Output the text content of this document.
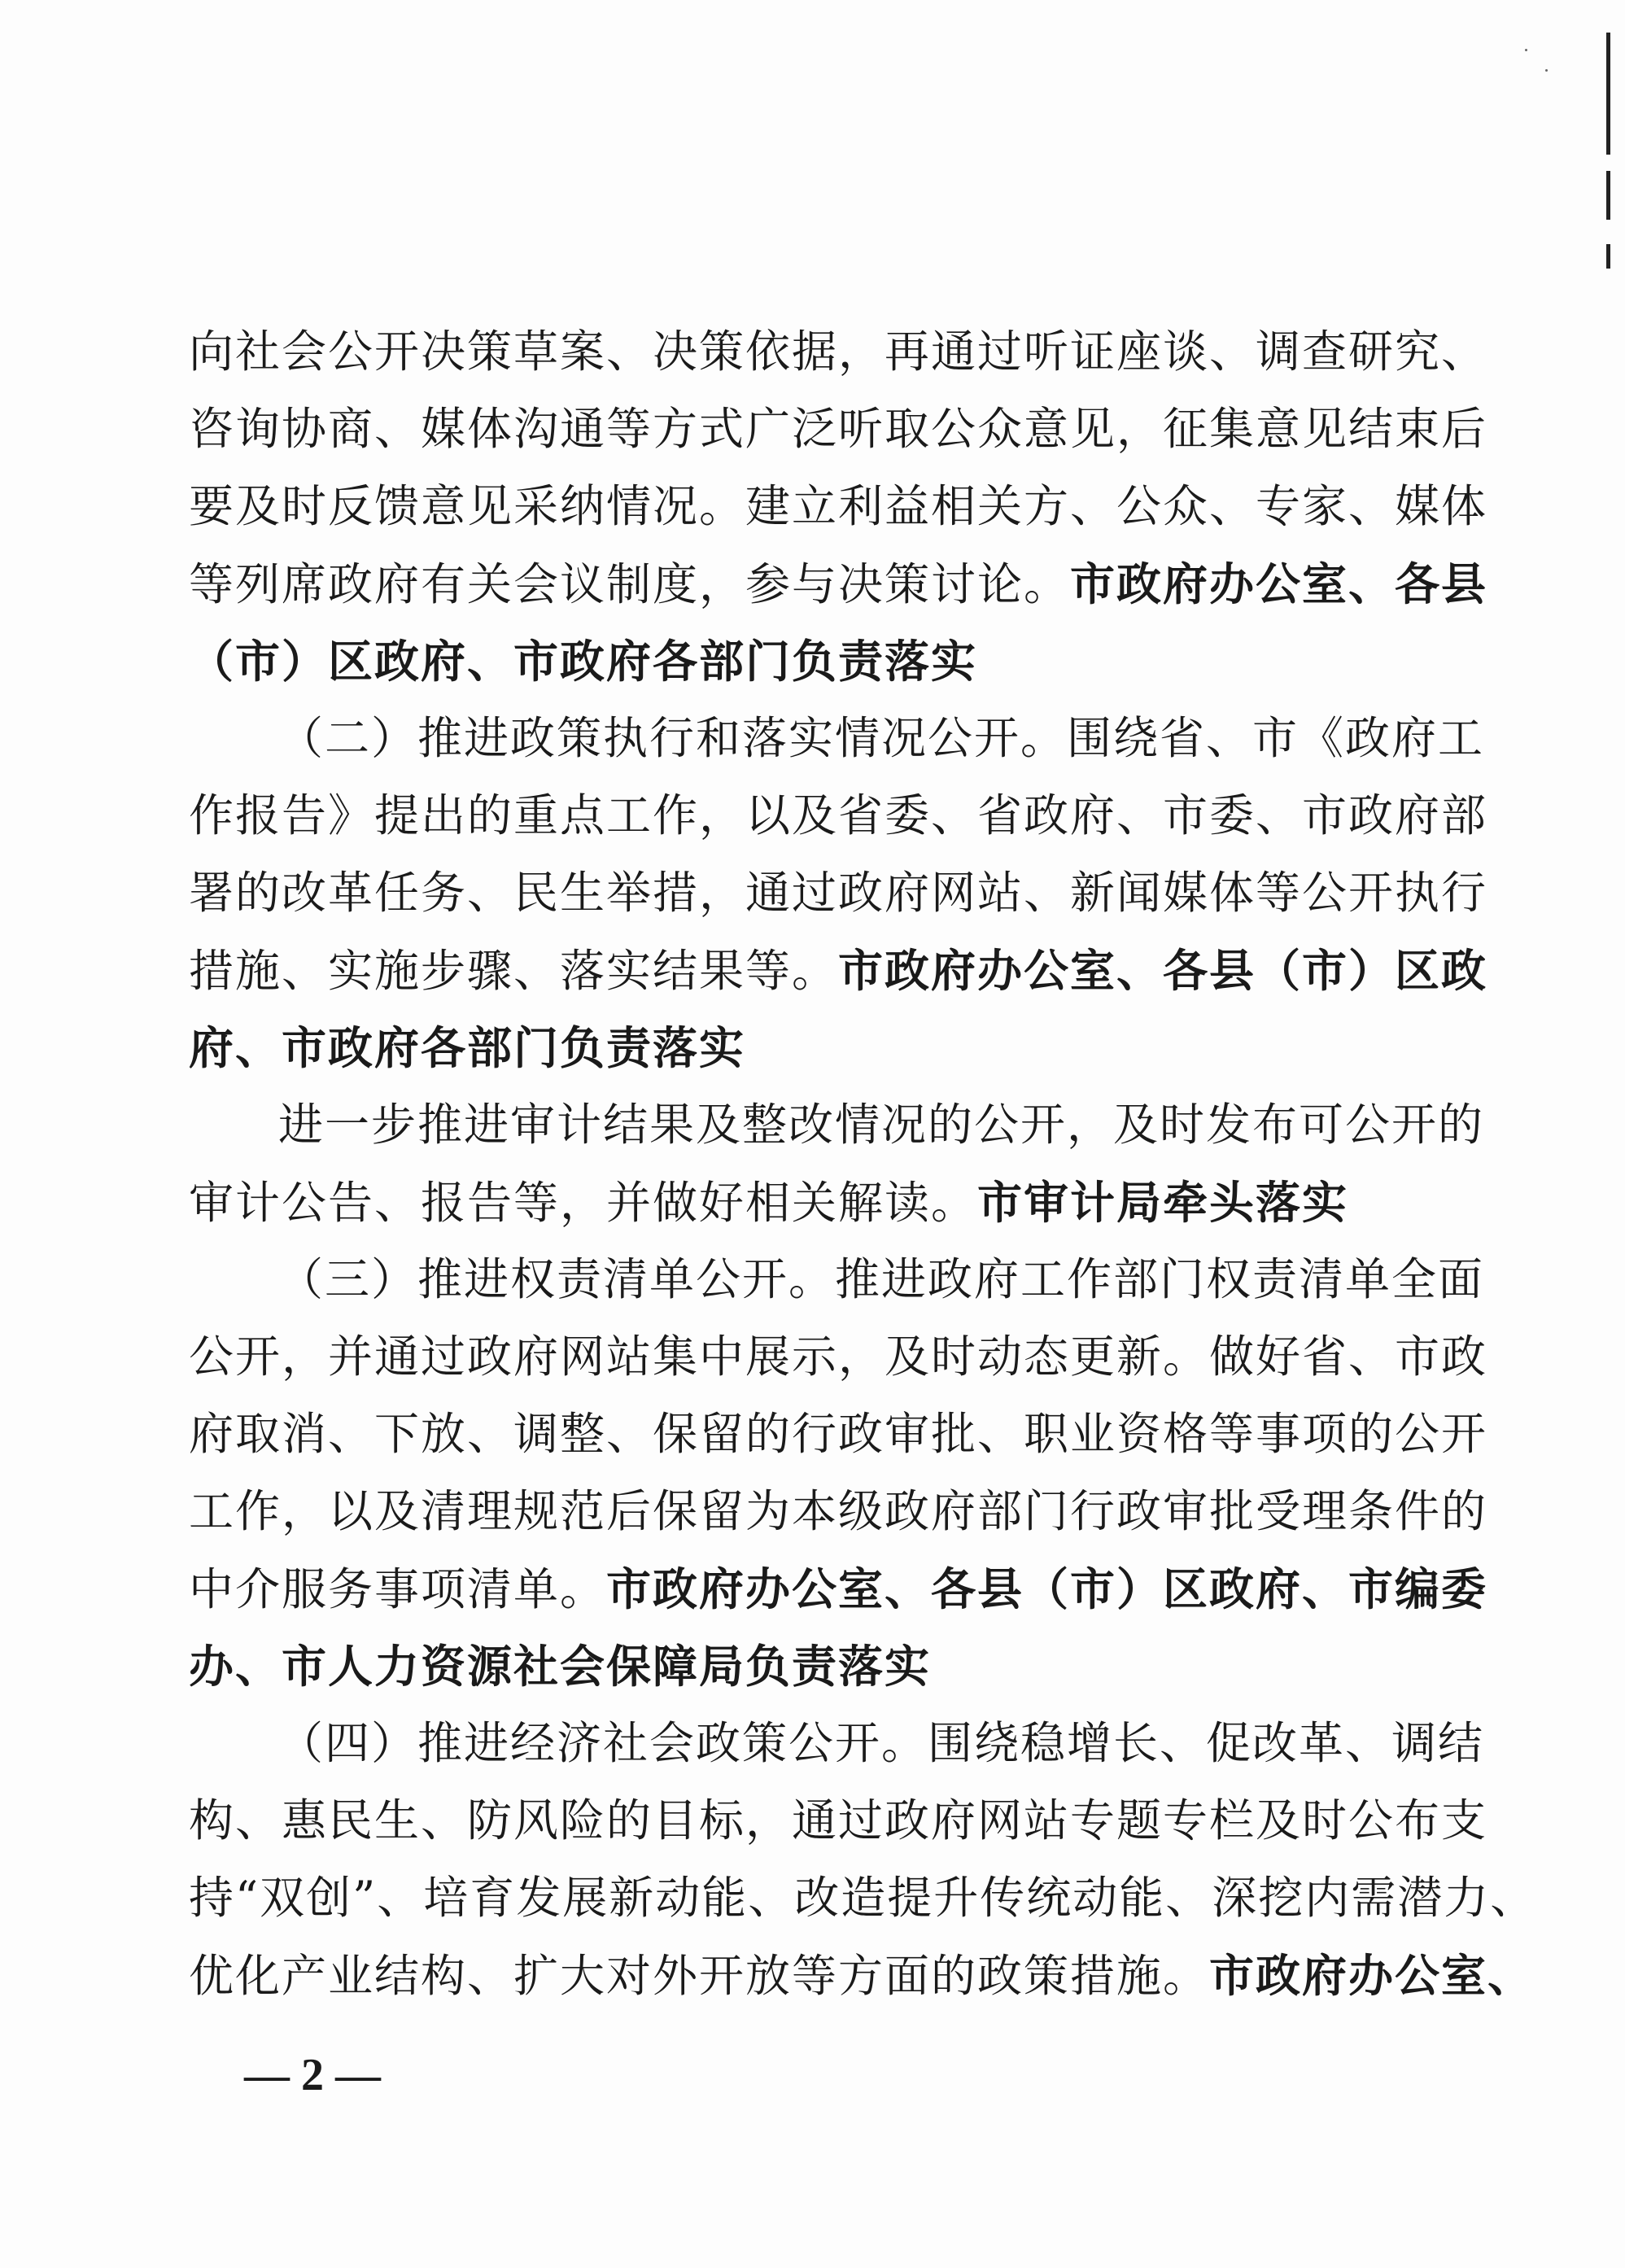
向社会公开决策草案、决策依据，再通过听证座谈、调查研究、
咨询协商、媒体沟通等方式广泛听取公众意见，征集意见结束后
要及时反馈意见采纳情况。建立利益相关方、公众、专家、媒体
等列席政府有关会议制度，参与决策讨论。市政府办公室、各县
（市）区政府、市政府各部门负责落实
（二）推进政策执行和落实情况公开。围绕省、市《政府工
作报告》提出的重点工作，以及省委、省政府、市委、市政府部
署的改革任务、民生举措，通过政府网站、新闻媒体等公开执行
措施、实施步骤、落实结果等。市政府办公室、各县（市）区政
府、市政府各部门负责落实
进一步推进审计结果及整改情况的公开，及时发布可公开的
审计公告、报告等，并做好相关解读。市审计局牵头落实
（三）推进权责清单公开。推进政府工作部门权责清单全面
公开，并通过政府网站集中展示，及时动态更新。做好省、市政
府取消、下放、调整、保留的行政审批、职业资格等事项的公开
工作，以及清理规范后保留为本级政府部门行政审批受理条件的
中介服务事项清单。市政府办公室、各县（市）区政府、市编委
办、市人力资源社会保障局负责落实
（四）推进经济社会政策公开。围绕稳增长、促改革、调结
构、惠民生、防风险的目标，通过政府网站专题专栏及时公布支
持“双创”、培育发展新动能、改造提升传统动能、深挖内需潜力、
优化产业结构、扩大对外开放等方面的政策措施。市政府办公室、
— 2 —
